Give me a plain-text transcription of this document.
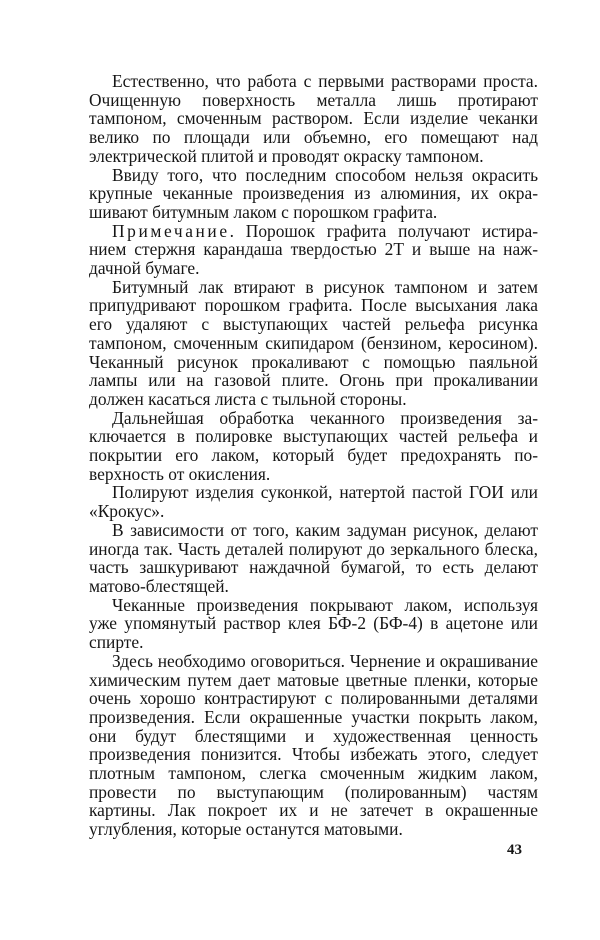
Естественно, что работа с первыми растворами проста. Очищенную поверхность металла лишь протирают тампоном, смоченным раствором. Если изделие чеканки велико по площади или объемно, его помещают над электрической плитой и проводят окраску тампоном.

Ввиду того, что последним способом нельзя окрасить крупные чеканные произведения из алюминия, их окрашивают битумным лаком с порошком графита.

Примечание. Порошок графита получают истиранием стержня карандаша твердостью 2Т и выше на наждачной бумаге.

Битумный лак втирают в рисунок тампоном и затем припудривают порошком графита. После высыхания лака его удаляют с выступающих частей рельефа рисунка тампоном, смоченным скипидаром (бензином, керосином). Чеканный рисунок прокаливают с помощью паяльной лампы или на газовой плите. Огонь при прокаливании должен касаться листа с тыльной стороны.

Дальнейшая обработка чеканного произведения заключается в полировке выступающих частей рельефа и покрытии его лаком, который будет предохранять поверхность от окисления.

Полируют изделия суконкой, натертой пастой ГОИ или «Крокус».

В зависимости от того, каким задуман рисунок, делают иногда так. Часть деталей полируют до зеркального блеска, часть зашкуривают наждачной бумагой, то есть делают матово-блестящей.

Чеканные произведения покрывают лаком, используя уже упомянутый раствор клея БФ-2 (БФ-4) в ацетоне или спирте.

Здесь необходимо оговориться. Чернение и окрашивание химическим путем дает матовые цветные пленки, которые очень хорошо контрастируют с полированными деталями произведения. Если окрашенные участки покрыть лаком, они будут блестящими и художественная ценность произведения понизится. Чтобы избежать этого, следует плотным тампоном, слегка смоченным жидким лаком, провести по выступающим (полированным) частям картины. Лак покроет их и не затечет в окрашенные углубления, которые останутся матовыми.

43
